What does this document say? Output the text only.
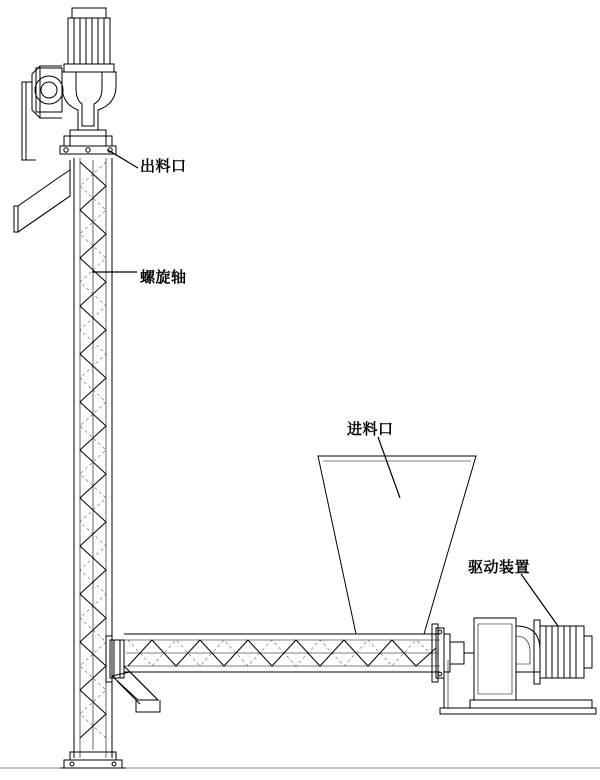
出料口
螺旋轴
进料口
驱动装置
